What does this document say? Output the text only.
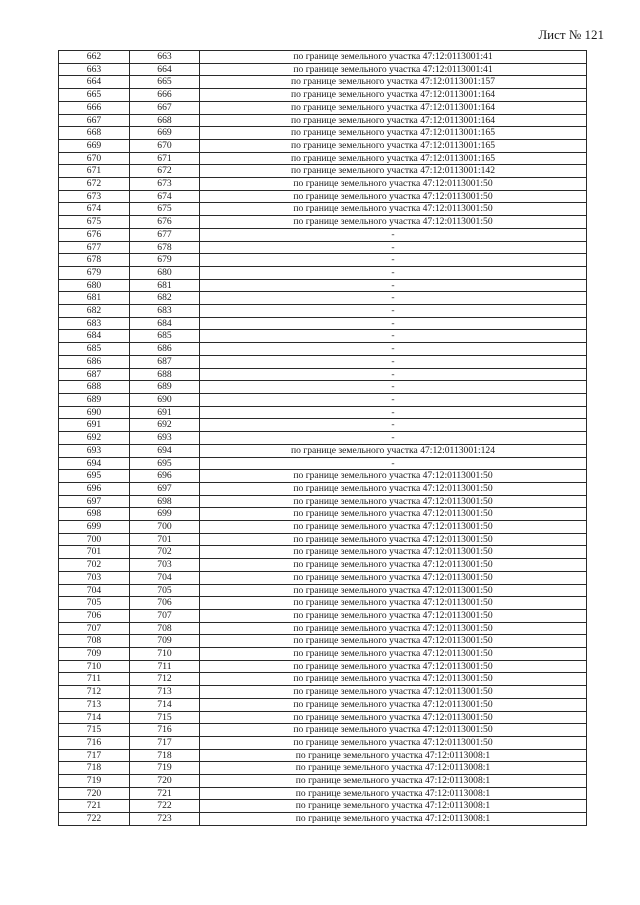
Лист № 121
662	663	по границе земельного участка 47:12:0113001:41
663	664	по границе земельного участка 47:12:0113001:41
664	665	по границе земельного участка 47:12:0113001:157
665	666	по границе земельного участка 47:12:0113001:164
666	667	по границе земельного участка 47:12:0113001:164
667	668	по границе земельного участка 47:12:0113001:164
668	669	по границе земельного участка 47:12:0113001:165
669	670	по границе земельного участка 47:12:0113001:165
670	671	по границе земельного участка 47:12:0113001:165
671	672	по границе земельного участка 47:12:0113001:142
672	673	по границе земельного участка 47:12:0113001:50
673	674	по границе земельного участка 47:12:0113001:50
674	675	по границе земельного участка 47:12:0113001:50
675	676	по границе земельного участка 47:12:0113001:50
676	677	-
677	678	-
678	679	-
679	680	-
680	681	-
681	682	-
682	683	-
683	684	-
684	685	-
685	686	-
686	687	-
687	688	-
688	689	-
689	690	-
690	691	-
691	692	-
692	693	-
693	694	по границе земельного участка 47:12:0113001:124
694	695	-
695	696	по границе земельного участка 47:12:0113001:50
696	697	по границе земельного участка 47:12:0113001:50
697	698	по границе земельного участка 47:12:0113001:50
698	699	по границе земельного участка 47:12:0113001:50
699	700	по границе земельного участка 47:12:0113001:50
700	701	по границе земельного участка 47:12:0113001:50
701	702	по границе земельного участка 47:12:0113001:50
702	703	по границе земельного участка 47:12:0113001:50
703	704	по границе земельного участка 47:12:0113001:50
704	705	по границе земельного участка 47:12:0113001:50
705	706	по границе земельного участка 47:12:0113001:50
706	707	по границе земельного участка 47:12:0113001:50
707	708	по границе земельного участка 47:12:0113001:50
708	709	по границе земельного участка 47:12:0113001:50
709	710	по границе земельного участка 47:12:0113001:50
710	711	по границе земельного участка 47:12:0113001:50
711	712	по границе земельного участка 47:12:0113001:50
712	713	по границе земельного участка 47:12:0113001:50
713	714	по границе земельного участка 47:12:0113001:50
714	715	по границе земельного участка 47:12:0113001:50
715	716	по границе земельного участка 47:12:0113001:50
716	717	по границе земельного участка 47:12:0113001:50
717	718	по границе земельного участка 47:12:0113008:1
718	719	по границе земельного участка 47:12:0113008:1
719	720	по границе земельного участка 47:12:0113008:1
720	721	по границе земельного участка 47:12:0113008:1
721	722	по границе земельного участка 47:12:0113008:1
722	723	по границе земельного участка 47:12:0113008:1
